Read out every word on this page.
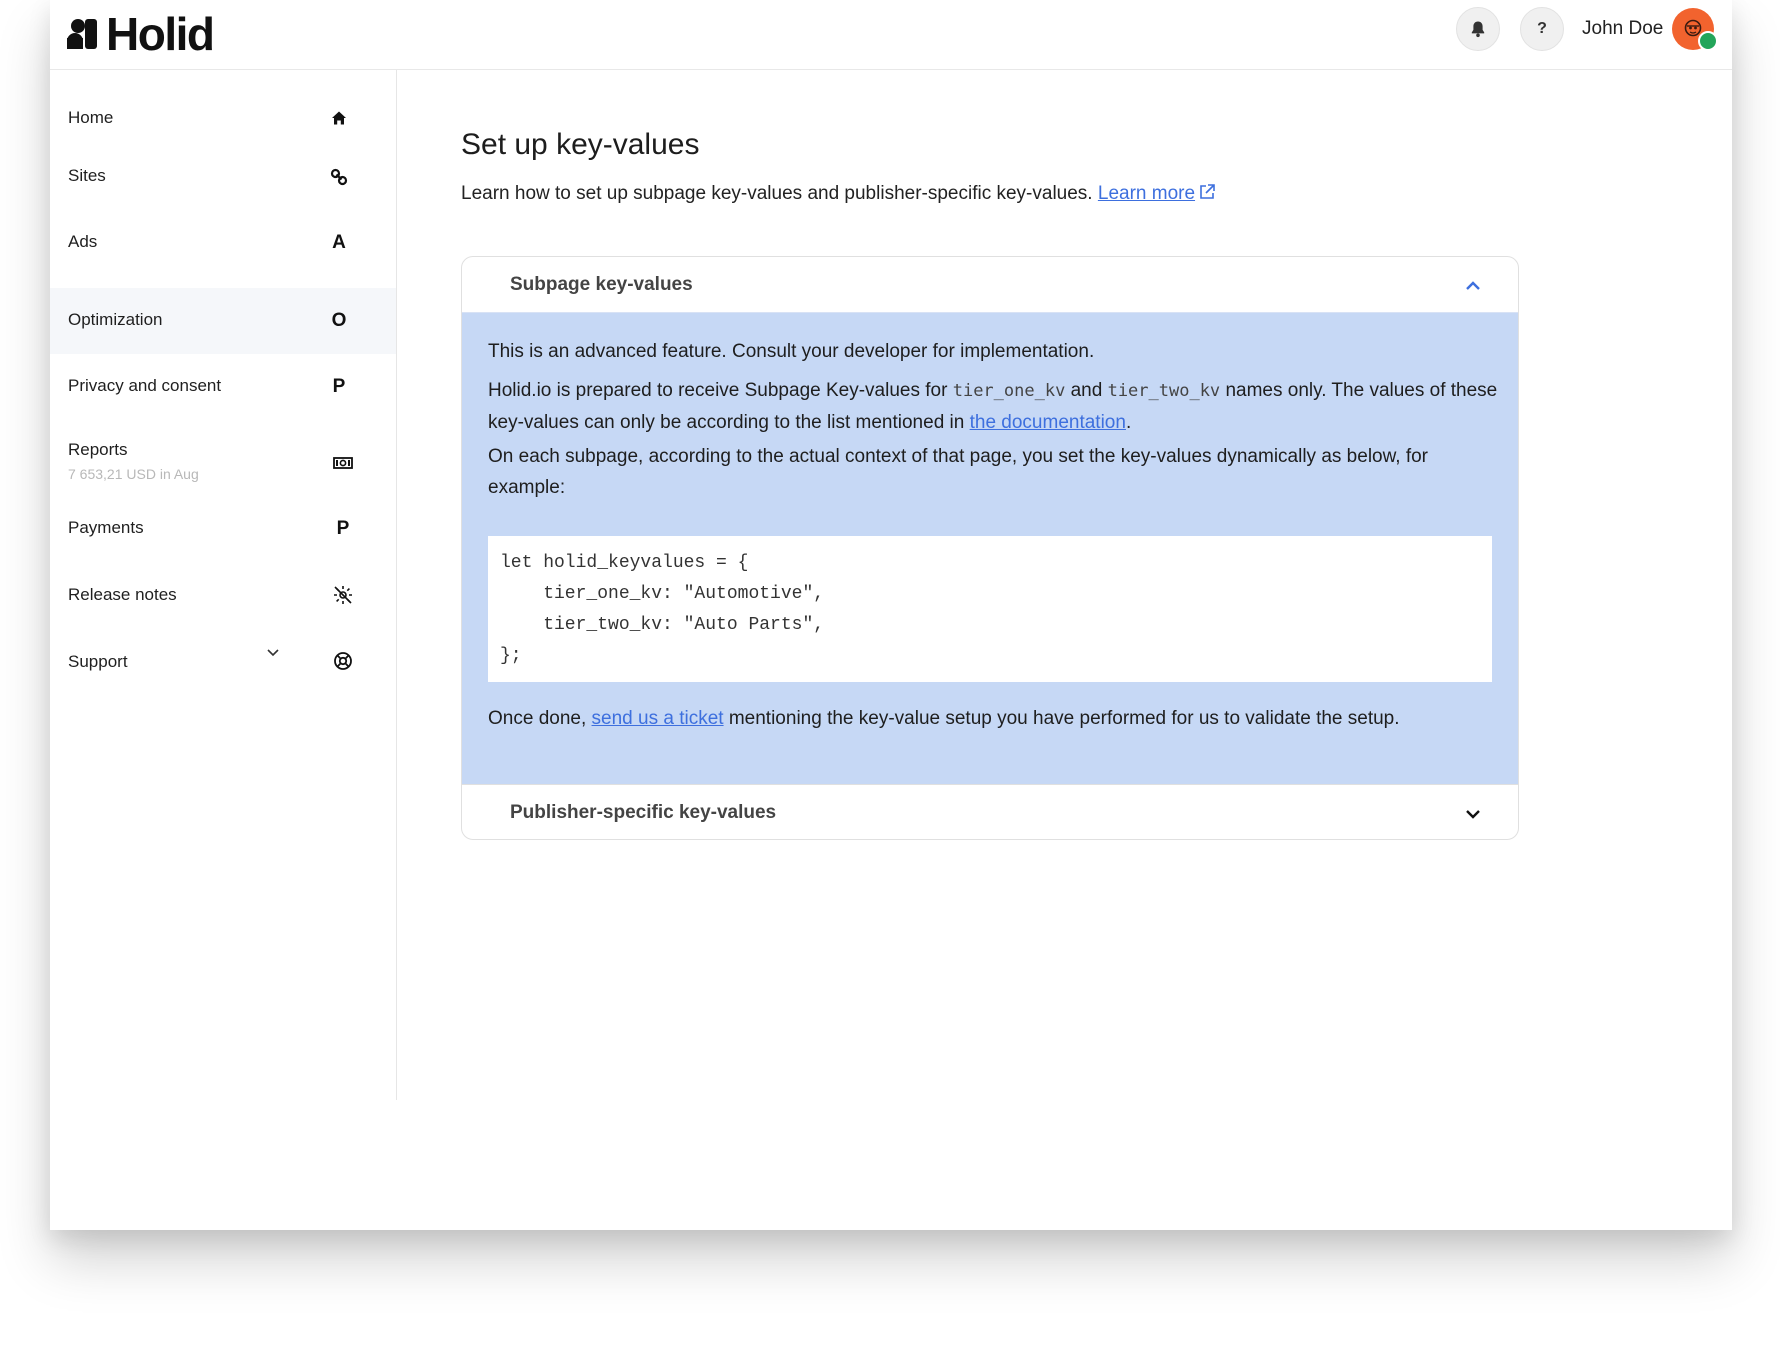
Holid	? John Doe
Home
Sites
Ads	A
Optimization	O
Privacy and consent	P
Reports
7 653,21 USD in Aug
Payments	P
Release notes
Support
Set up key-values
Learn how to set up subpage key-values and publisher-specific key-values. Learn more
Subpage key-values
This is an advanced feature. Consult your developer for implementation.
Holid.io is prepared to receive Subpage Key-values for tier_one_kv and tier_two_kv names only. The values of these key-values can only be according to the list mentioned in the documentation.
On each subpage, according to the actual context of that page, you set the key-values dynamically as below, for example:
let holid_keyvalues = {
tier_one_kv: "Automotive",
tier_two_kv: "Auto Parts",
};
Once done, send us a ticket mentioning the key-value setup you have performed for us to validate the setup.
Publisher-specific key-values
